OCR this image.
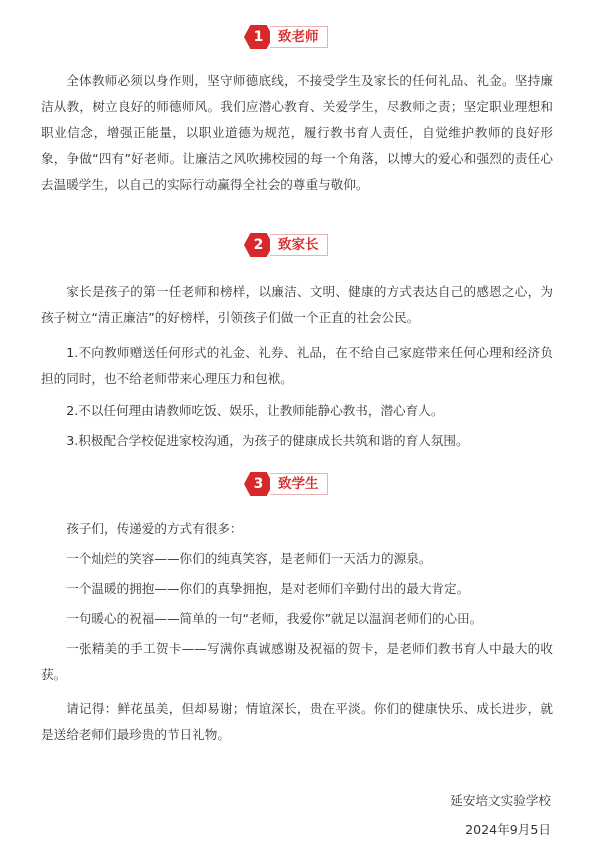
1	致老师

全体教师必须以身作则，坚守师德底线，不接受学生及家长的任何礼品、礼金。坚持廉洁从教，树立良好的师德师风。我们应潜心教育、关爱学生，尽教师之责；坚定职业理想和职业信念，增强正能量，以职业道德为规范，履行教书育人责任，自觉维护教师的良好形象，争做“四有”好老师。让廉洁之风吹拂校园的每一个角落，以博大的爱心和强烈的责任心去温暖学生，以自己的实际行动赢得全社会的尊重与敬仰。

2	致家长

家长是孩子的第一任老师和榜样，以廉洁、文明、健康的方式表达自己的感恩之心，为孩子树立“清正廉洁”的好榜样，引领孩子们做一个正直的社会公民。

1.不向教师赠送任何形式的礼金、礼券、礼品，在不给自己家庭带来任何心理和经济负担的同时，也不给老师带来心理压力和包袱。

2.不以任何理由请教师吃饭、娱乐，让教师能静心教书，潜心育人。

3.积极配合学校促进家校沟通，为孩子的健康成长共筑和谐的育人氛围。

3	致学生

孩子们，传递爱的方式有很多：

一个灿烂的笑容——你们的纯真笑容，是老师们一天活力的源泉。

一个温暖的拥抱——你们的真挚拥抱，是对老师们辛勤付出的最大肯定。

一句暖心的祝福——简单的一句“老师，我爱你”就足以温润老师们的心田。

一张精美的手工贺卡——写满你真诚感谢及祝福的贺卡，是老师们教书育人中最大的收获。

请记得：鲜花虽美，但却易谢；情谊深长，贵在平淡。你们的健康快乐、成长进步，就是送给老师们最珍贵的节日礼物。

延安培文实验学校

2024年9月5日
